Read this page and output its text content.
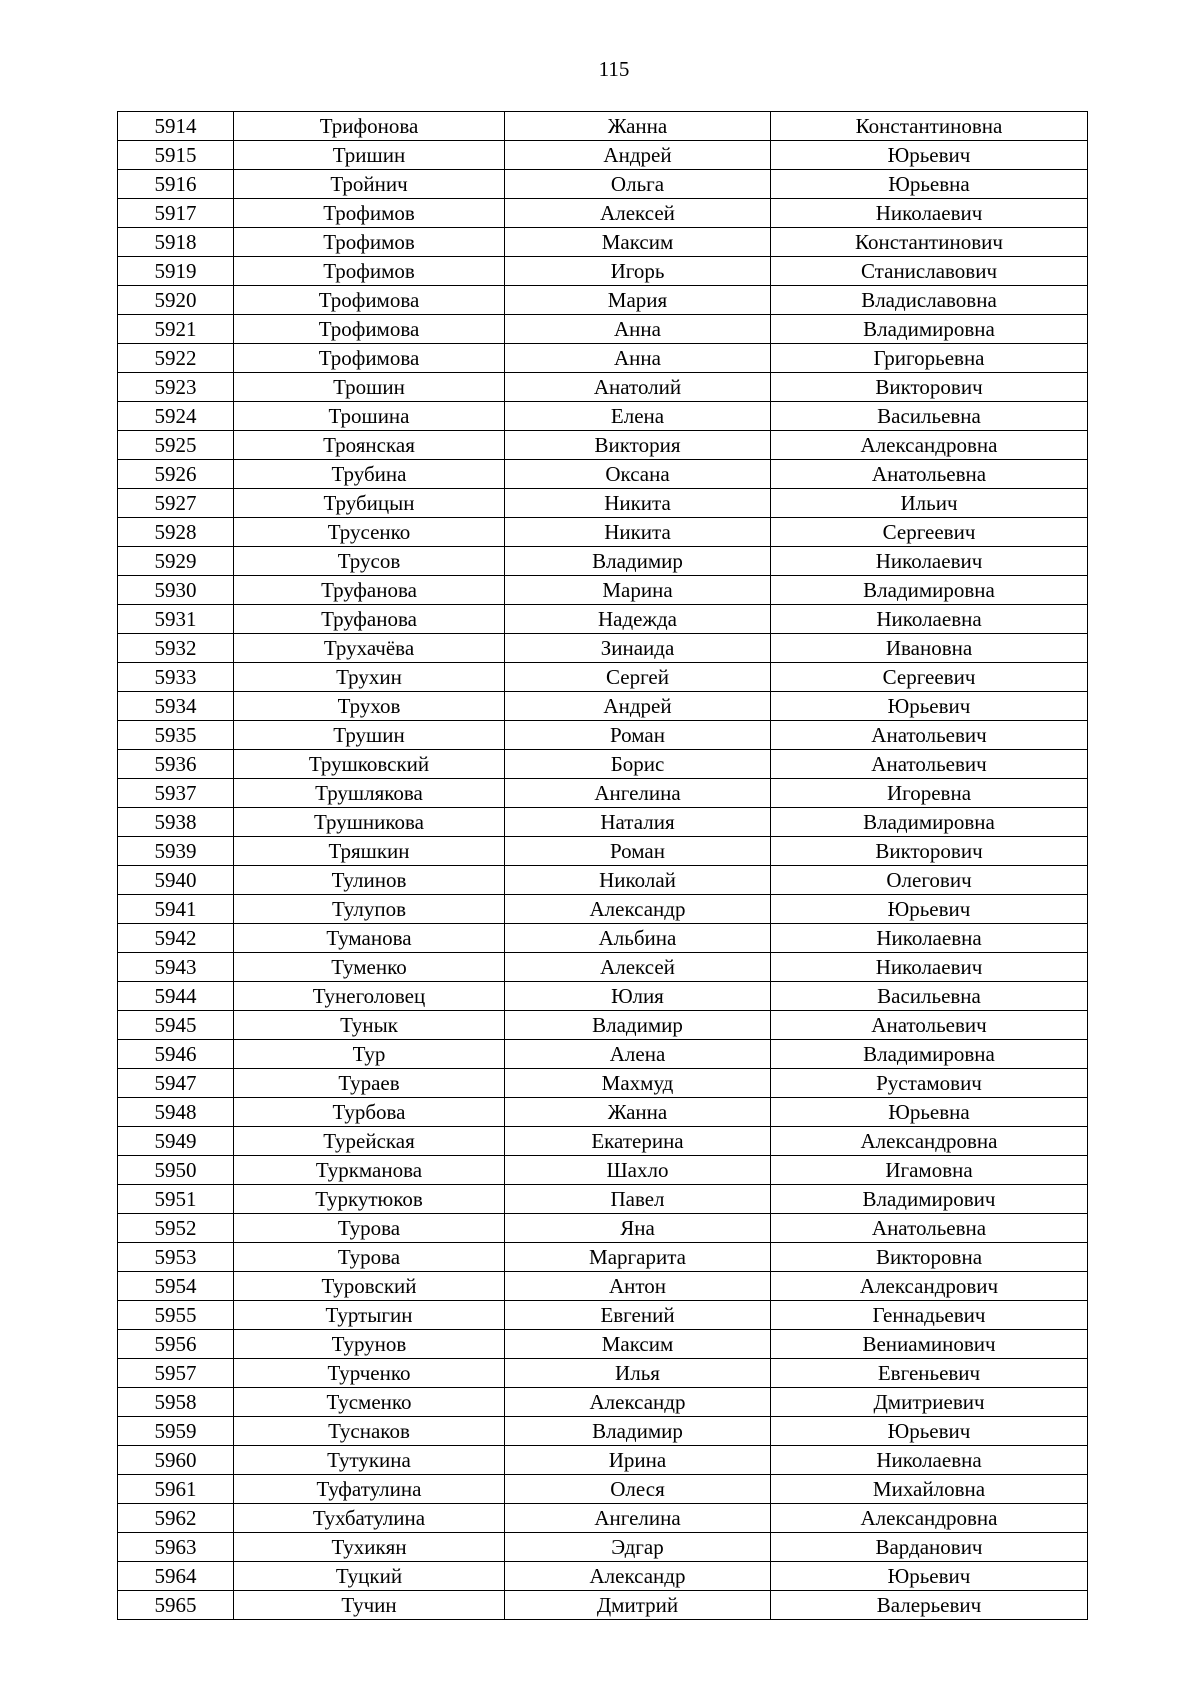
115
5914	Трифонова	Жанна	Константиновна
5915	Тришин	Андрей	Юрьевич
5916	Тройнич	Ольга	Юрьевна
5917	Трофимов	Алексей	Николаевич
5918	Трофимов	Максим	Константинович
5919	Трофимов	Игорь	Станиславович
5920	Трофимова	Мария	Владиславовна
5921	Трофимова	Анна	Владимировна
5922	Трофимова	Анна	Григорьевна
5923	Трошин	Анатолий	Викторович
5924	Трошина	Елена	Васильевна
5925	Троянская	Виктория	Александровна
5926	Трубина	Оксана	Анатольевна
5927	Трубицын	Никита	Ильич
5928	Трусенко	Никита	Сергеевич
5929	Трусов	Владимир	Николаевич
5930	Труфанова	Марина	Владимировна
5931	Труфанова	Надежда	Николаевна
5932	Трухачёва	Зинаида	Ивановна
5933	Трухин	Сергей	Сергеевич
5934	Трухов	Андрей	Юрьевич
5935	Трушин	Роман	Анатольевич
5936	Трушковский	Борис	Анатольевич
5937	Трушлякова	Ангелина	Игоревна
5938	Трушникова	Наталия	Владимировна
5939	Тряшкин	Роман	Викторович
5940	Тулинов	Николай	Олегович
5941	Тулупов	Александр	Юрьевич
5942	Туманова	Альбина	Николаевна
5943	Туменко	Алексей	Николаевич
5944	Тунеголовец	Юлия	Васильевна
5945	Тунык	Владимир	Анатольевич
5946	Тур	Алена	Владимировна
5947	Тураев	Махмуд	Рустамович
5948	Турбова	Жанна	Юрьевна
5949	Турейская	Екатерина	Александровна
5950	Туркманова	Шахло	Игамовна
5951	Туркутюков	Павел	Владимирович
5952	Турова	Яна	Анатольевна
5953	Турова	Маргарита	Викторовна
5954	Туровский	Антон	Александрович
5955	Туртыгин	Евгений	Геннадьевич
5956	Турунов	Максим	Вениаминович
5957	Турченко	Илья	Евгеньевич
5958	Тусменко	Александр	Дмитриевич
5959	Туснаков	Владимир	Юрьевич
5960	Тутукина	Ирина	Николаевна
5961	Туфатулина	Олеся	Михайловна
5962	Тухбатулина	Ангелина	Александровна
5963	Тухикян	Эдгар	Варданович
5964	Туцкий	Александр	Юрьевич
5965	Тучин	Дмитрий	Валерьевич
